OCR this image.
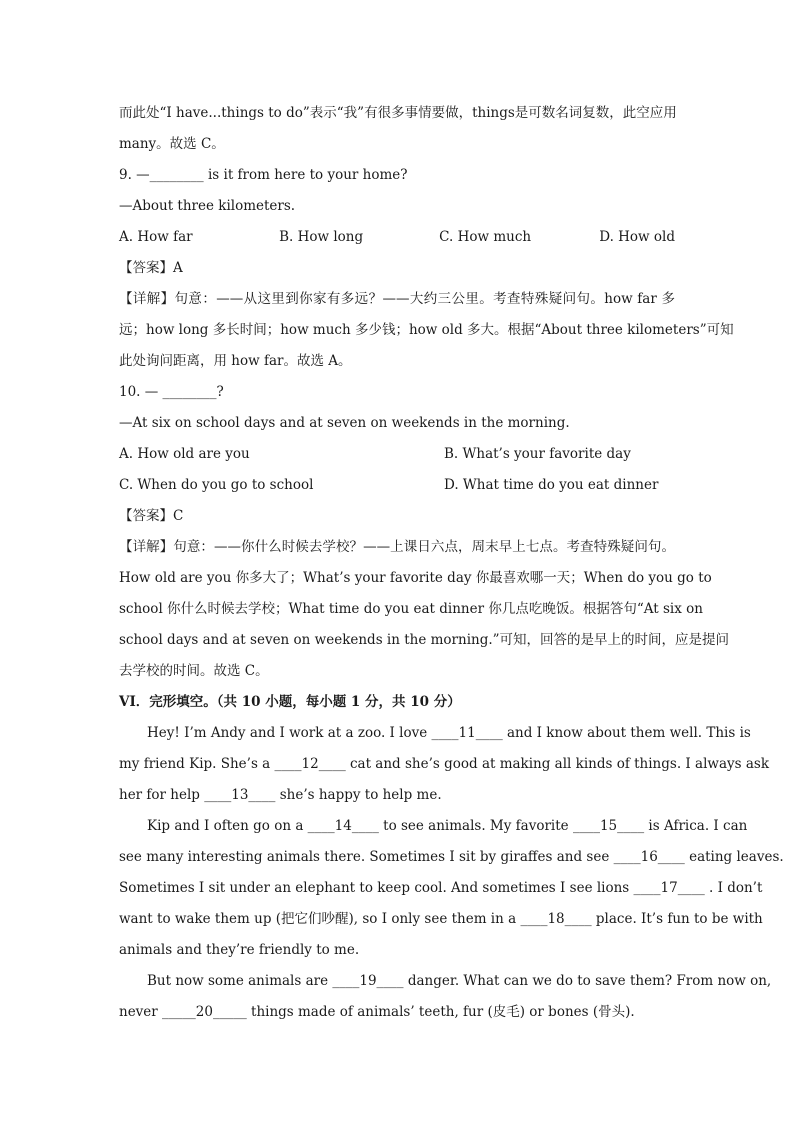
而此处“I have...things to do”表示“我”有很多事情要做，things是可数名词复数，此空应用
many。故选 C。
9. —________ is it from here to your home?
—About three kilometers.
A. How far	B. How long	C. How much	D. How old
【答案】A
【详解】句意：——从这里到你家有多远？——大约三公里。考查特殊疑问句。how far 多
远；how long 多长时间；how much 多少钱；how old 多大。根据“About three kilometers”可知
此处询问距离，用 how far。故选 A。
10. — ________?
—At six on school days and at seven on weekends in the morning.
A. How old are you	B. What’s your favorite day
C. When do you go to school	D. What time do you eat dinner
【答案】C
【详解】句意：——你什么时候去学校？——上课日六点，周末早上七点。考查特殊疑问句。
How old are you 你多大了；What’s your favorite day 你最喜欢哪一天；When do you go to
school 你什么时候去学校；What time do you eat dinner 你几点吃晚饭。根据答句“At six on
school days and at seven on weekends in the morning.”可知，回答的是早上的时间，应是提问
去学校的时间。故选 C。
VI．完形填空。（共 10 小题，每小题 1 分，共 10 分）
Hey! I’m Andy and I work at a zoo. I love ____11____ and I know about them well. This is
my friend Kip. She’s a ____12____ cat and she’s good at making all kinds of things. I always ask
her for help ____13____ she’s happy to help me.
Kip and I often go on a ____14____ to see animals. My favorite ____15____ is Africa. I can
see many interesting animals there. Sometimes I sit by giraffes and see ____16____ eating leaves.
Sometimes I sit under an elephant to keep cool. And sometimes I see lions ____17____ . I don’t
want to wake them up (把它们吵醒), so I only see them in a ____18____ place. It’s fun to be with
animals and they’re friendly to me.
But now some animals are ____19____ danger. What can we do to save them? From now on,
never _____20_____ things made of animals’ teeth, fur (皮毛) or bones (骨头).
